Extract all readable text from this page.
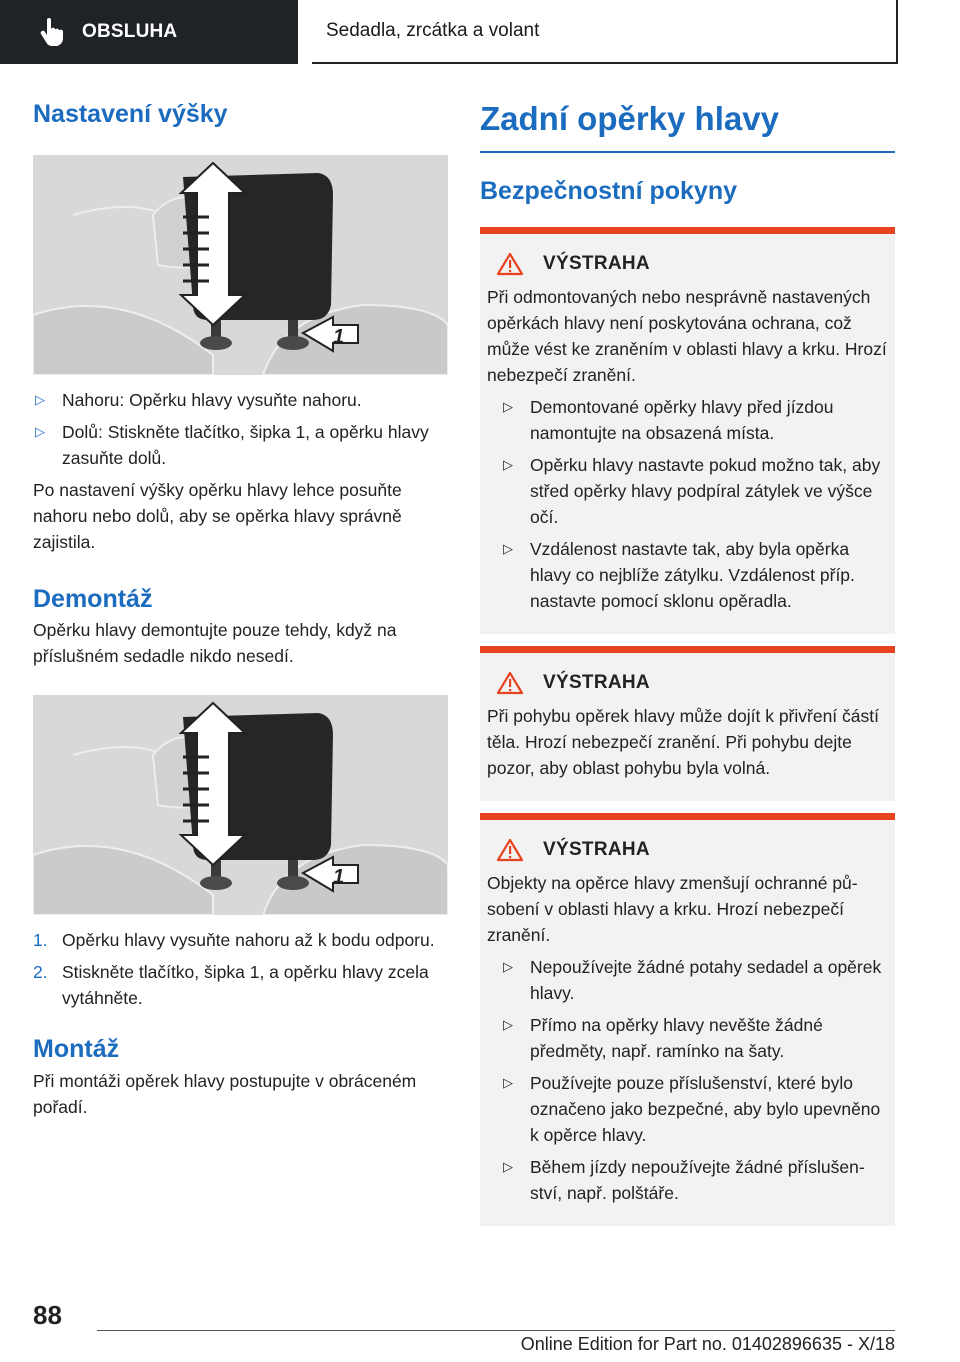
OBSLUHA	Sedadla, zrcátka a volant
Nastavení výšky
1
▷ Nahoru: Opěrku hlavy vysuňte nahoru.
▷ Dolů: Stiskněte tlačítko, šipka 1, a opěrku hlavy zasuňte dolů.

Po nastavení výšky opěrku hlavy lehce posuňte nahoru nebo dolů, aby se opěrka hlavy správně zajistila.

Demontáž

Opěrku hlavy demontujte pouze tehdy, když na příslušném sedadle nikdo nesedí.

1
1. Opěrku hlavy vysuňte nahoru až k bodu odporu.
2. Stiskněte tlačítko, šipka 1, a opěrku hlavy zcela vytáhněte.
Montáž

Při montáži opěrek hlavy postupujte v obráceném pořadí.

Zadní opěrky hlavy
Bezpečnostní pokyny
VÝSTRAHA

Při odmontovaných nebo nesprávně nastavených opěrkách hlavy není poskytována ochrana, což může vést ke zraněním v oblasti hlavy a krku. Hrozí nebezpečí zranění.

▷ Demontované opěrky hlavy před jízdou namontujte na obsazená místa.
▷ Opěrku hlavy nastavte pokud možno tak, aby střed opěrky hlavy podpíral zátylek ve výšce očí.
▷ Vzdálenost nastavte tak, aby byla opěrka hlavy co nejblíže zátylku. Vzdálenost příp. nastavte pomocí sklonu opěradla.
VÝSTRAHA

Při pohybu opěrek hlavy může dojít k přivření částí těla. Hrozí nebezpečí zranění. Při pohybu dejte pozor, aby oblast pohybu byla volná.

VÝSTRAHA

Objekty na opěrce hlavy zmenšují ochranné působení v oblasti hlavy a krku. Hrozí nebezpečí zranění.

▷ Nepoužívejte žádné potahy sedadel a opěrek hlavy.
▷ Přímo na opěrky hlavy nevěšte žádné předměty, např. ramínko na šaty.
▷ Používejte pouze příslušenství, které bylo označeno jako bezpečné, aby bylo upevněno k opěrce hlavy.
▷ Během jízdy nepoužívejte žádné příslušenství, např. polštáře.
88
Online Edition for Part no. 01402896635 - X/18
